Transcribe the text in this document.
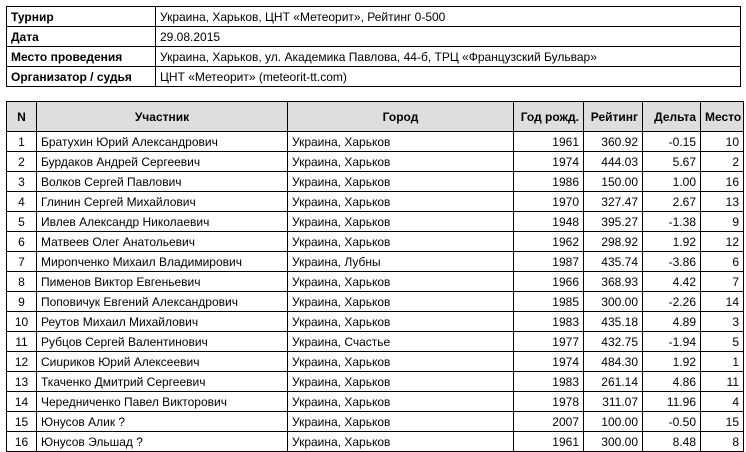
Турнир	Украина, Харьков, ЦНТ «Метеорит», Рейтинг 0-500
Дата	29.08.2015
Место проведения	Украина, Харьков, ул. Академика Павлова, 44-б, ТРЦ «Французский Бульвар»
Организатор / судья	ЦНТ «Метеорит» (meteorit-tt.com)
N	Участник	Город	Год рожд.	Рейтинг	Дельта	Место
1	Братухин Юрий Александрович	Украина, Харьков	1961	360.92	-0.15	10
2	Бурдаков Андрей Сергеевич	Украина, Харьков	1974	444.03	5.67	2
3	Волков Сергей Павлович	Украина, Харьков	1986	150.00	1.00	16
4	Глинин Сергей Михайлович	Украина, Харьков	1970	327.47	2.67	13
5	Ивлев Александр Николаевич	Украина, Харьков	1948	395.27	-1.38	9
6	Матвеев Олег Анатольевич	Украина, Харьков	1962	298.92	1.92	12
7	Мирonченко Михаил Владимирович	Украина, Лубны	1987	435.74	-3.86	6
8	Пименов Виктор Евгеньевич	Украина, Харьков	1966	368.93	4.42	7
9	Поповичук Евгений Александрович	Украина, Харьков	1985	300.00	-2.26	14
10	Реутов Михаил Михайлович	Украина, Харьков	1983	435.18	4.89	3
11	Рубцов Сергей Валентинович	Украина, Счастье	1977	432.75	-1.94	5
12	Сиupиков Юрий Алексеевич	Украина, Харьков	1974	484.30	1.92	1
13	Ткаченко Дмитрий Сергеевич	Украина, Харьков	1983	261.14	4.86	11
14	Чередниченко Павел Викторович	Украина, Харьков	1978	311.07	11.96	4
15	Юнусов Алик ?	Украина, Харьков	2007	100.00	-0.50	15
16	Юнусов Эльшад ?	Украина, Харьков	1961	300.00	8.48	8
